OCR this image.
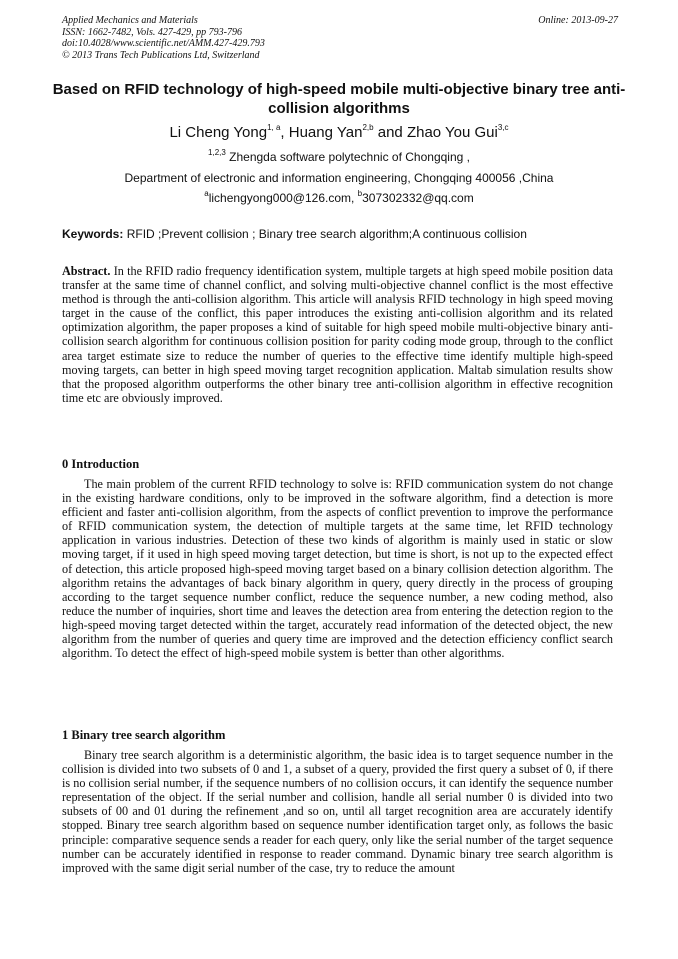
Applied Mechanics and Materials
ISSN: 1662-7482, Vols. 427-429, pp 793-796
doi:10.4028/www.scientific.net/AMM.427-429.793
© 2013 Trans Tech Publications Ltd, Switzerland
Online: 2013-09-27
Based on RFID technology of high-speed mobile multi-objective binary tree anti-collision algorithms
Li Cheng Yong$^{1, a}$, Huang Yan$^{2,b}$ and Zhao You Gui$^{3,c}$
$^{1,2,3}$ Zhengda software polytechnic of Chongqing ,
Department of electronic and information engineering, Chongqing 400056 ,China
$^a$lichengyong000@126.com, $^b$307302332@qq.com
Keywords: RFID ;Prevent collision ; Binary tree search algorithm;A continuous collision
Abstract. In the RFID radio frequency identification system, multiple targets at high speed mobile position data transfer at the same time of channel conflict, and solving multi-objective channel conflict is the most effective method is through the anti-collision algorithm. This article will analysis RFID technology in high speed moving target in the cause of the conflict, this paper introduces the existing anti-collision algorithm and its related optimization algorithm, the paper proposes a kind of suitable for high speed mobile multi-objective binary anti-collision search algorithm for continuous collision position for parity coding mode group, through to the conflict area target estimate size to reduce the number of queries to the effective time identify multiple high-speed moving targets, can better in high speed moving target recognition application. Maltab simulation results show that the proposed algorithm outperforms the other binary tree anti-collision algorithm in effective recognition time etc are obviously improved.
0 Introduction
The main problem of the current RFID technology to solve is: RFID communication system do not change in the existing hardware conditions, only to be improved in the software algorithm, find a detection is more efficient and faster anti-collision algorithm, from the aspects of conflict prevention to improve the performance of RFID communication system, the detection of multiple targets at the same time, let RFID technology application in various industries. Detection of these two kinds of algorithm is mainly used in static or slow moving target, if it used in high speed moving target detection, but time is short, is not up to the expected effect of detection, this article proposed high-speed moving target based on a binary collision detection algorithm. The algorithm retains the advantages of back binary algorithm in query, query directly in the process of grouping according to the target sequence number conflict, reduce the sequence number, a new coding method, also reduce the number of inquiries, short time and leaves the detection area from entering the detection region to the high-speed moving target detected within the target, accurately read information of the detected object, the new algorithm from the number of queries and query time are improved and the detection efficiency conflict search algorithm. To detect the effect of high-speed mobile system is better than other algorithms.
1 Binary tree search algorithm
Binary tree search algorithm is a deterministic algorithm, the basic idea is to target sequence number in the collision is divided into two subsets of 0 and 1, a subset of a query, provided the first query a subset of 0, if there is no collision serial number, if the sequence numbers of no collision occurs, it can identify the sequence number representation of the object. If the serial number and collision, handle all serial number 0 is divided into two subsets of 00 and 01 during the refinement ,and so on, until all target recognition area are accurately identify stopped. Binary tree search algorithm based on sequence number identification target only, as follows the basic principle: comparative sequence sends a reader for each query, only like the serial number of the target sequence number can be accurately identified in response to reader command. Dynamic binary tree search algorithm is improved with the same digit serial number of the case, try to reduce the amount
